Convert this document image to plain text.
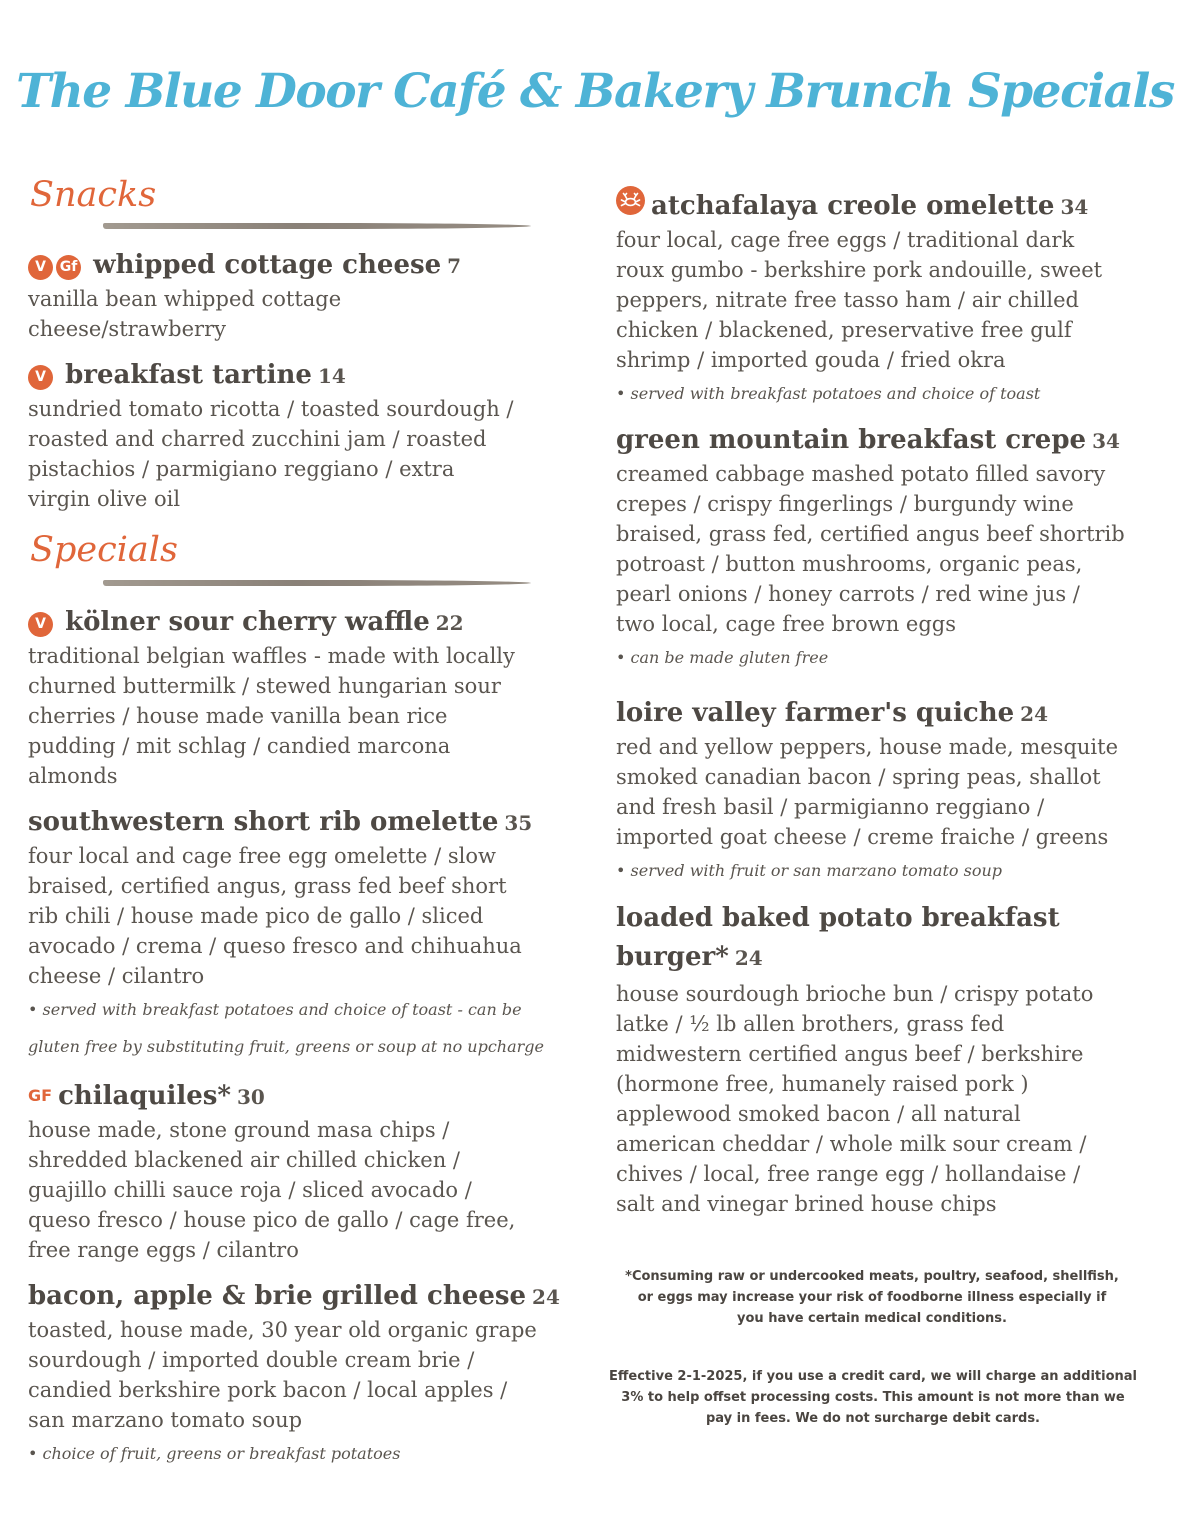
The Blue Door Café & Bakery Brunch Specials
Snacks
V Gf whipped cottage cheese 7
vanilla bean whipped cottage
cheese/strawberry
V breakfast tartine 14
sundried tomato ricotta / toasted sourdough /
roasted and charred zucchini jam / roasted
pistachios / parmigiano reggiano / extra
virgin olive oil
Specials
V kölner sour cherry waffle 22
traditional belgian waffles - made with locally
churned buttermilk / stewed hungarian sour
cherries / house made vanilla bean rice
pudding / mit schlag / candied marcona
almonds
southwestern short rib omelette 35
four local and cage free egg omelette / slow
braised, certified angus, grass fed beef short
rib chili / house made pico de gallo / sliced
avocado / crema / queso fresco and chihuahua
cheese / cilantro
• served with breakfast potatoes and choice of toast - can be
gluten free by substituting fruit, greens or soup at no upcharge
GF chilaquiles* 30
house made, stone ground masa chips /
shredded blackened air chilled chicken /
guajillo chilli sauce roja / sliced avocado /
queso fresco / house pico de gallo / cage free,
free range eggs / cilantro
bacon, apple & brie grilled cheese 24
toasted, house made, 30 year old organic grape
sourdough / imported double cream brie /
candied berkshire pork bacon / local apples /
san marzano tomato soup
• choice of fruit, greens or breakfast potatoes
atchafalaya creole omelette 34
four local, cage free eggs / traditional dark
roux gumbo - berkshire pork andouille, sweet
peppers, nitrate free tasso ham / air chilled
chicken / blackened, preservative free gulf
shrimp / imported gouda / fried okra
• served with breakfast potatoes and choice of toast
green mountain breakfast crepe 34
creamed cabbage mashed potato filled savory
crepes / crispy fingerlings / burgundy wine
braised, grass fed, certified angus beef shortrib
potroast / button mushrooms, organic peas,
pearl onions / honey carrots / red wine jus /
two local, cage free brown eggs
• can be made gluten free
loire valley farmer's quiche 24
red and yellow peppers, house made, mesquite
smoked canadian bacon / spring peas, shallot
and fresh basil / parmigianno reggiano /
imported goat cheese / creme fraiche / greens
• served with fruit or san marzano tomato soup
loaded baked potato breakfast burger* 24
house sourdough brioche bun / crispy potato
latke / ½ lb allen brothers, grass fed
midwestern certified angus beef / berkshire
(hormone free, humanely raised pork )
applewood smoked bacon / all natural
american cheddar / whole milk sour cream /
chives / local, free range egg / hollandaise /
salt and vinegar brined house chips
*Consuming raw or undercooked meats, poultry, seafood, shellfish,
or eggs may increase your risk of foodborne illness especially if
you have certain medical conditions.
Effective 2-1-2025, if you use a credit card, we will charge an additional
3% to help offset processing costs. This amount is not more than we
pay in fees. We do not surcharge debit cards.
